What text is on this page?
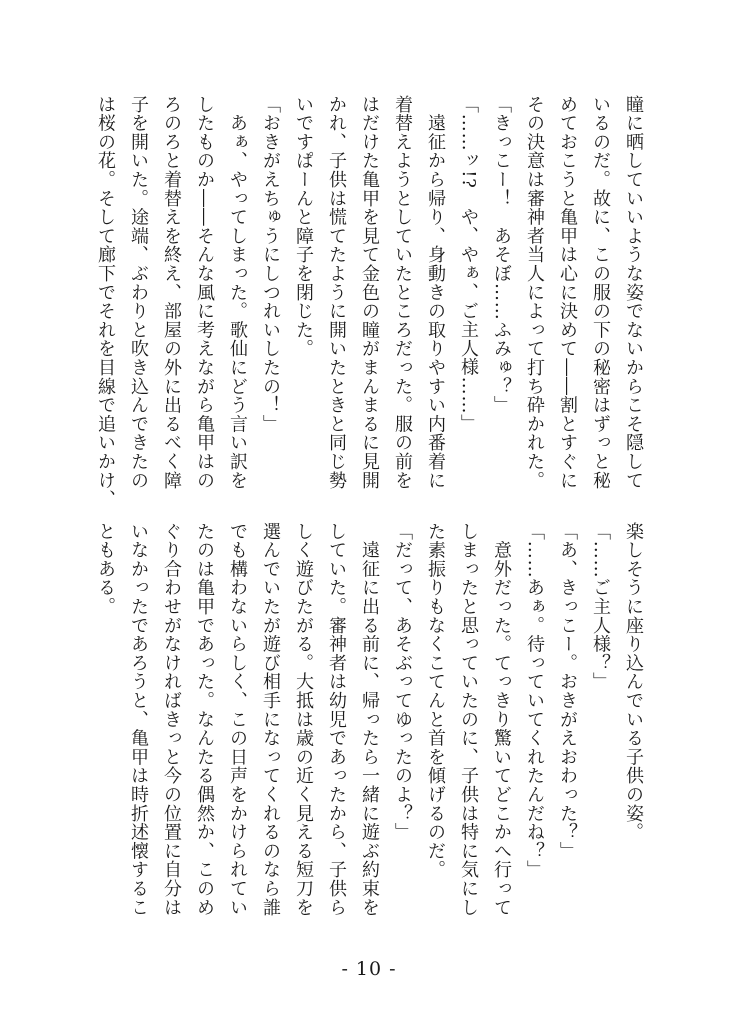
瞳に晒していいような姿でないからこそ隠して
いるのだ。故に、この服の下の秘密はずっと秘
めておこうと亀甲は心に決めて――割とすぐに
その決意は審神者当人によって打ち砕かれた。
「きっこー！　あそぼ……ふみゅ？」
「……ッ!?　や、やぁ、ご主人様……」
　遠征から帰り、身動きの取りやすい内番着に
着替えようとしていたところだった。服の前を
はだけた亀甲を見て金色の瞳がまんまるに見開
かれ、子供は慌てたように開いたときと同じ勢
いですぱーんと障子を閉じた。
「おきがえちゅうにしつれいしたの！」
　あぁ、やってしまった。歌仙にどう言い訳を
したものか――そんな風に考えながら亀甲はの
ろのろと着替えを終え、部屋の外に出るべく障
子を開いた。途端、ぶわりと吹き込んできたの
は桜の花。そして廊下でそれを目線で追いかけ、
楽しそうに座り込んでいる子供の姿。
「……ご主人様？」
「あ、きっこー。おきがえおわった？」
「……あぁ。待っていてくれたんだね？」
　意外だった。てっきり驚いてどこかへ行って
しまったと思っていたのに、子供は特に気にし
た素振りもなくこてんと首を傾げるのだ。
「だって、あそぶってゆったのよ？」
　遠征に出る前に、帰ったら一緒に遊ぶ約束を
していた。審神者は幼児であったから、子供ら
しく遊びたがる。大抵は歳の近く見える短刀を
選んでいたが遊び相手になってくれるのなら誰
でも構わないらしく、この日声をかけられてい
たのは亀甲であった。なんたる偶然か、このめ
ぐり合わせがなければきっと今の位置に自分は
いなかったであろうと、亀甲は時折述懐するこ
ともある。
- 10 -
